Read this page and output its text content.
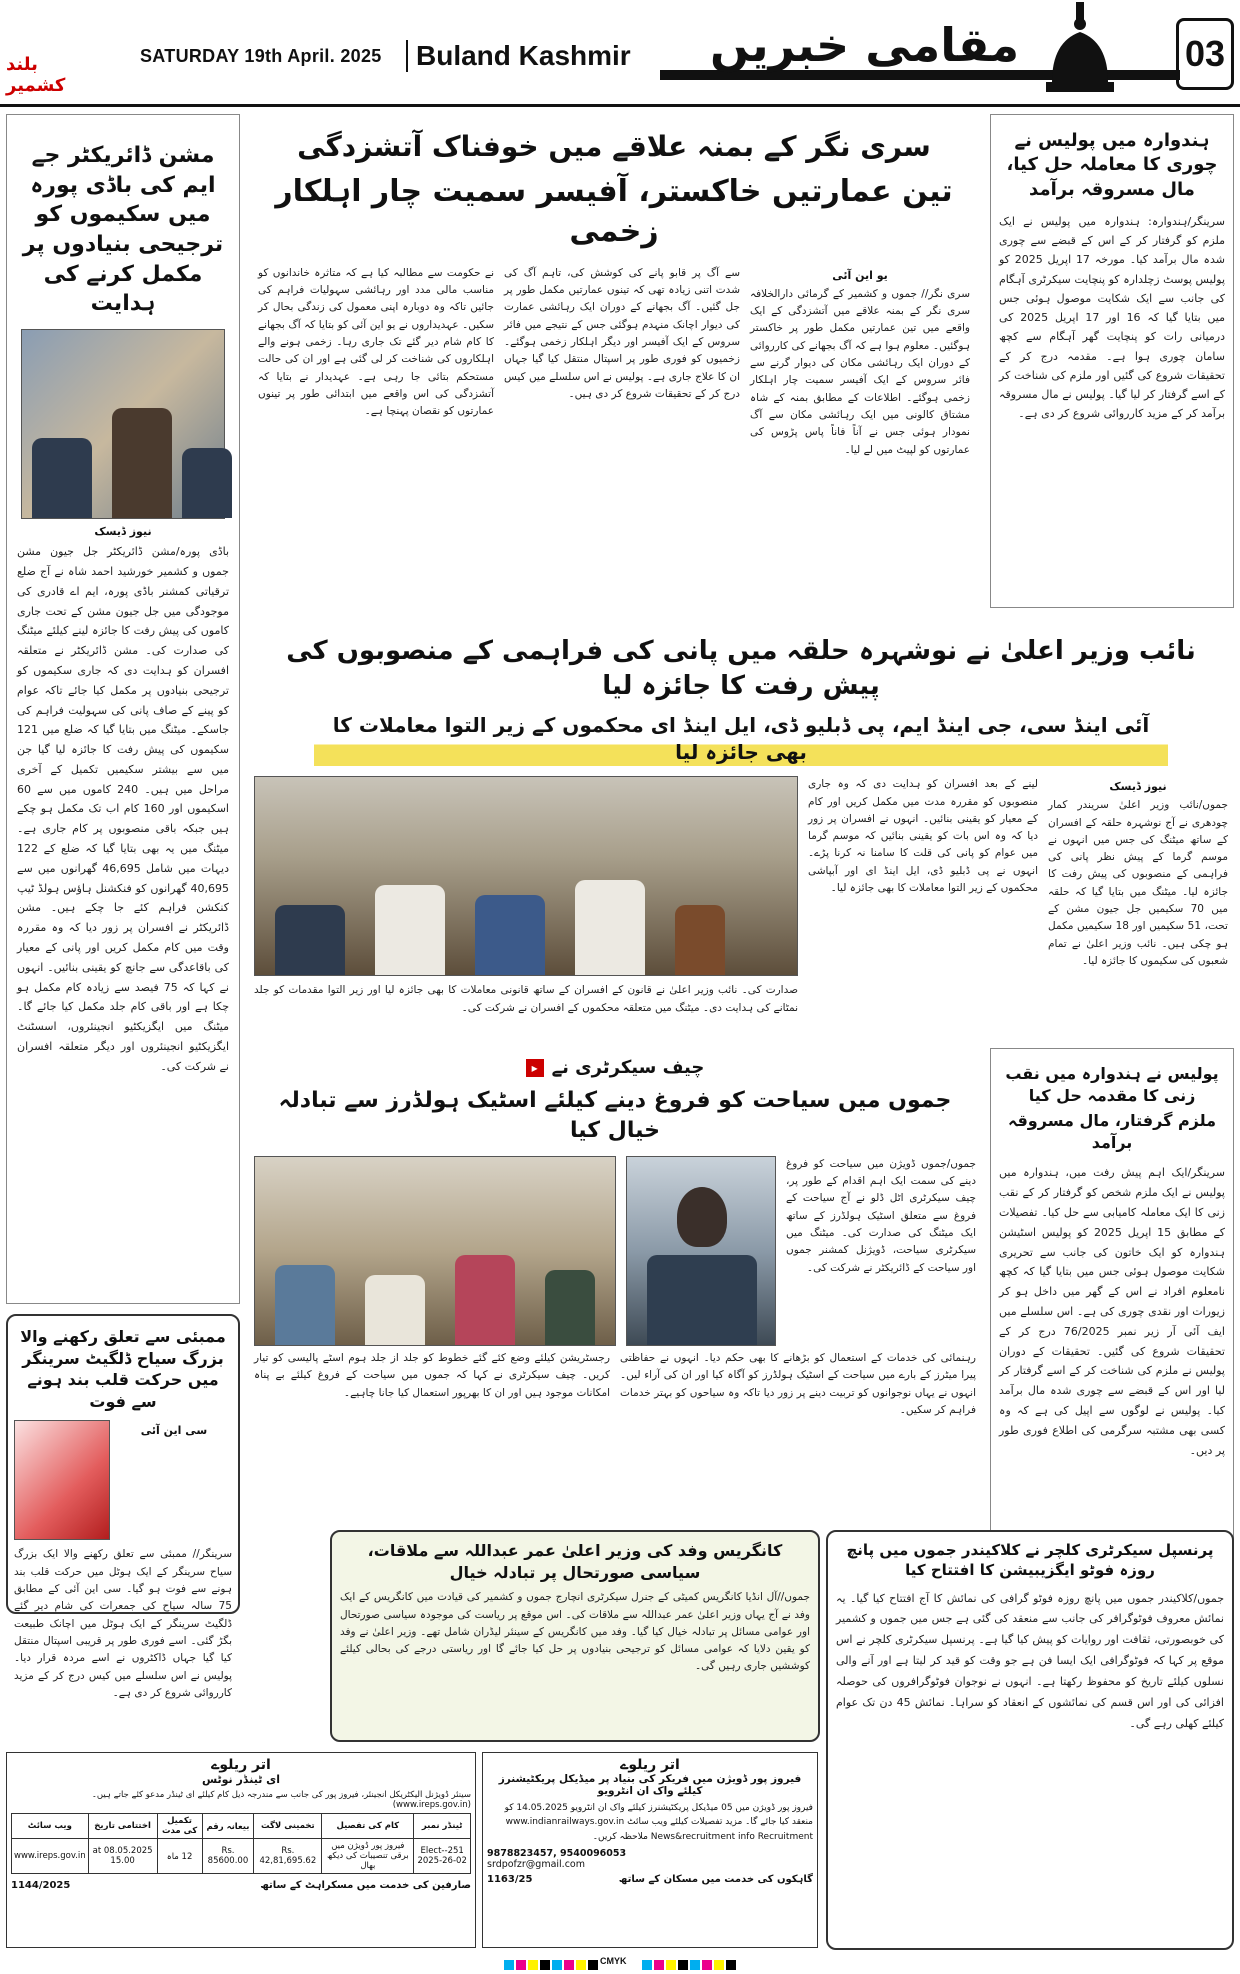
بلند کشمیر
SATURDAY 19th April. 2025 Buland Kashmir مقامی خبریں	03
مشن ڈائریکٹر جے ایم کی باڈی پورہ میں سکیموں کو ترجیحی بنیادوں پر مکمل کرنے کی ہدایت
نیوز ڈیسک
باڈی پورہ/مشن ڈائریکٹر جل جیون مشن جموں و کشمیر خورشید احمد شاہ نے آج ضلع ترقیاتی کمشنر باڈی پورہ، ایم اے قادری کی موجودگی میں جل جیون مشن کے تحت جاری کاموں کی پیش رفت کا جائزہ لینے کیلئے میٹنگ کی صدارت کی۔ مشن ڈائریکٹر نے متعلقہ افسران کو ہدایت دی کہ جاری سکیموں کو ترجیحی بنیادوں پر مکمل کیا جائے تاکہ عوام کو پینے کے صاف پانی کی سہولیت فراہم کی جاسکے۔ میٹنگ میں بتایا گیا کہ ضلع میں 121 سکیموں کی پیش رفت کا جائزہ لیا گیا جن میں سے بیشتر سکیمیں تکمیل کے آخری مراحل میں ہیں۔ 240 کاموں میں سے 60 اسکیموں اور 160 کام اب تک مکمل ہو چکے ہیں جبکہ باقی منصوبوں پر کام جاری ہے۔ میٹنگ میں یہ بھی بتایا گیا کہ ضلع کے 122 دیہات میں شامل 46,695 گھرانوں میں سے 40,695 گھرانوں کو فنکشنل ہاؤس ہولڈ ٹیپ کنکشن فراہم کئے جا چکے ہیں۔ مشن ڈائریکٹر نے افسران پر زور دیا کہ وہ مقررہ وقت میں کام مکمل کریں اور پانی کے معیار کی باقاعدگی سے جانچ کو یقینی بنائیں۔ انہوں نے کہا کہ 75 فیصد سے زیادہ کام مکمل ہو چکا ہے اور باقی کام جلد مکمل کیا جائے گا۔ میٹنگ میں ایگزیکٹیو انجینئروں، اسسٹنٹ ایگزیکٹیو انجینئروں اور دیگر متعلقہ افسران نے شرکت کی۔
ممبئی سے تعلق رکھنے والا بزرگ سیاح ڈلگیٹ سرینگر میں حرکت قلب بند ہونے سے فوت
سی این آئی
سرینگر// ممبئی سے تعلق رکھنے والا ایک بزرگ سیاح سرینگر کے ایک ہوٹل میں حرکت قلب بند ہونے سے فوت ہو گیا۔ سی این آئی کے مطابق 75 سالہ سیاح کی جمعرات کی شام دیر گئے ڈلگیٹ سرینگر کے ایک ہوٹل میں اچانک طبیعت بگڑ گئی۔ اسے فوری طور پر قریبی اسپتال منتقل کیا گیا جہاں ڈاکٹروں نے اسے مردہ قرار دیا۔ پولیس نے اس سلسلے میں کیس درج کر کے مزید کارروائی شروع کر دی ہے۔
سری نگر کے بمنہ علاقے میں خوفناک آتشزدگی
تین عمارتیں خاکستر، آفیسر سمیت چار اہلکار زخمی
یو این آئی
سری نگر// جموں و کشمیر کے گرمائی دارالخلافہ سری نگر کے بمنہ علاقے میں آتشزدگی کے ایک واقعے میں تین عمارتیں مکمل طور پر خاکستر ہوگئیں۔ معلوم ہوا ہے کہ آگ بجھانے کی کارروائی کے دوران ایک رہائشی مکان کی دیوار گرنے سے فائر سروس کے ایک آفیسر سمیت چار اہلکار زخمی ہوگئے۔ اطلاعات کے مطابق بمنہ کے شاہ مشتاق کالونی میں ایک رہائشی مکان سے آگ نمودار ہوئی جس نے آناً فاناً پاس پڑوس کی عمارتوں کو لپیٹ میں لے لیا۔
سے آگ پر قابو پانے کی کوشش کی، تاہم آگ کی شدت اتنی زیادہ تھی کہ تینوں عمارتیں مکمل طور پر جل گئیں۔ آگ بجھانے کے دوران ایک رہائشی عمارت کی دیوار اچانک منہدم ہوگئی جس کے نتیجے میں فائر سروس کے ایک آفیسر اور دیگر اہلکار زخمی ہوگئے۔ زخمیوں کو فوری طور پر اسپتال منتقل کیا گیا جہاں ان کا علاج جاری ہے۔ پولیس نے اس سلسلے میں کیس درج کر کے تحقیقات شروع کر دی ہیں۔
نے حکومت سے مطالبہ کیا ہے کہ متاثرہ خاندانوں کو مناسب مالی مدد اور رہائشی سہولیات فراہم کی جائیں تاکہ وہ دوبارہ اپنی معمول کی زندگی بحال کر سکیں۔ عہدیداروں نے یو این آئی کو بتایا کہ آگ بجھانے کا کام شام دیر گئے تک جاری رہا۔ زخمی ہونے والے اہلکاروں کی شناخت کر لی گئی ہے اور ان کی حالت مستحکم بتائی جا رہی ہے۔ عہدیدار نے بتایا کہ آتشزدگی کی اس واقعے میں ابتدائی طور پر تینوں عمارتوں کو نقصان پہنچا ہے۔
ہندوارہ میں پولیس نے چوری کا معاملہ حل کیا، مال مسروقہ برآمد
سرینگر/ہندوارہ: ہندوارہ میں پولیس نے ایک ملزم کو گرفتار کر کے اس کے قبضے سے چوری شدہ مال برآمد کیا۔ مورخہ 17 اپریل 2025 کو پولیس پوسٹ زچلدارہ کو پنچایت سیکرٹری آہگام کی جانب سے ایک شکایت موصول ہوئی جس میں بتایا گیا کہ 16 اور 17 اپریل 2025 کی درمیانی رات کو پنچایت گھر آہگام سے کچھ سامان چوری ہوا ہے۔ مقدمہ درج کر کے تحقیقات شروع کی گئیں اور ملزم کی شناخت کر کے اسے گرفتار کر لیا گیا۔ پولیس نے مال مسروقہ برآمد کر کے مزید کارروائی شروع کر دی ہے۔
نائب وزیر اعلیٰ نے نوشہرہ حلقہ میں پانی کی فراہمی کے منصوبوں کی پیش رفت کا جائزہ لیا
آئی اینڈ سی، جی اینڈ ایم، پی ڈبلیو ڈی، ایل اینڈ ای محکموں کے زیر التوا معاملات کا بھی جائزہ لیا
نیوز ڈیسک
جموں/نائب وزیر اعلیٰ سریندر کمار چودھری نے آج نوشہرہ حلقہ کے افسران کے ساتھ میٹنگ کی جس میں انہوں نے موسم گرما کے پیش نظر پانی کی فراہمی کے منصوبوں کی پیش رفت کا جائزہ لیا۔ میٹنگ میں بتایا گیا کہ حلقہ میں 70 سکیمیں جل جیون مشن کے تحت، 51 سکیمیں اور 18 سکیمیں مکمل ہو چکی ہیں۔ نائب وزیر اعلیٰ نے تمام شعبوں کی سکیموں کا جائزہ لیا۔
لینے کے بعد افسران کو ہدایت دی کہ وہ جاری منصوبوں کو مقررہ مدت میں مکمل کریں اور کام کے معیار کو یقینی بنائیں۔ انہوں نے افسران پر زور دیا کہ وہ اس بات کو یقینی بنائیں کہ موسم گرما میں عوام کو پانی کی قلت کا سامنا نہ کرنا پڑے۔ انہوں نے پی ڈبلیو ڈی، ایل اینڈ ای اور آبپاشی محکموں کے زیر التوا معاملات کا بھی جائزہ لیا۔
صدارت کی۔ نائب وزیر اعلیٰ نے قانون کے افسران کے ساتھ قانونی معاملات کا بھی جائزہ لیا اور زیر التوا مقدمات کو جلد نمٹانے کی ہدایت دی۔ میٹنگ میں متعلقہ محکموں کے افسران نے شرکت کی۔
پولیس نے ہندوارہ میں نقب زنی کا مقدمہ حل کیا
ملزم گرفتار، مال مسروقہ برآمد
سرینگر/ایک اہم پیش رفت میں، ہندوارہ میں پولیس نے ایک ملزم شخص کو گرفتار کر کے نقب زنی کا ایک معاملہ کامیابی سے حل کیا۔ تفصیلات کے مطابق 15 اپریل 2025 کو پولیس اسٹیشن ہندوارہ کو ایک خاتون کی جانب سے تحریری شکایت موصول ہوئی جس میں بتایا گیا کہ کچھ نامعلوم افراد نے اس کے گھر میں داخل ہو کر زیورات اور نقدی چوری کی ہے۔ اس سلسلے میں ایف آئی آر زیر نمبر 76/2025 درج کر کے تحقیقات شروع کی گئیں۔ تحقیقات کے دوران پولیس نے ملزم کی شناخت کر کے اسے گرفتار کر لیا اور اس کے قبضے سے چوری شدہ مال برآمد کیا۔ پولیس نے لوگوں سے اپیل کی ہے کہ وہ کسی بھی مشتبہ سرگرمی کی اطلاع فوری طور پر دیں۔
▸ چیف سیکرٹری نے
جموں میں سیاحت کو فروغ دینے کیلئے اسٹیک ہولڈرز سے تبادلہ خیال کیا
جموں/جموں ڈویژن میں سیاحت کو فروغ دینے کی سمت ایک اہم اقدام کے طور پر، چیف سیکرٹری اٹل ڈلو نے آج سیاحت کے فروغ سے متعلق اسٹیک ہولڈرز کے ساتھ ایک میٹنگ کی صدارت کی۔ میٹنگ میں سیکرٹری سیاحت، ڈویژنل کمشنر جموں اور سیاحت کے ڈائریکٹر نے شرکت کی۔
رہنمائی کی خدمات کے استعمال کو بڑھانے کا بھی حکم دیا۔ انہوں نے حفاظتی پیرا میٹرز کے بارے میں سیاحت کے اسٹیک ہولڈرز کو آگاہ کیا اور ان کی آراء لیں۔ انہوں نے یہاں نوجوانوں کو تربیت دینے پر زور دیا تاکہ وہ سیاحوں کو بہتر خدمات فراہم کر سکیں۔
رجسٹریشن کیلئے وضع کئے گئے خطوط کو جلد از جلد ہوم اسٹے پالیسی کو تیار کریں۔ چیف سیکرٹری نے کہا کہ جموں میں سیاحت کے فروغ کیلئے بے پناہ امکانات موجود ہیں اور ان کا بھرپور استعمال کیا جانا چاہیے۔
کانگریس وفد کی وزیر اعلیٰ عمر عبداللہ سے ملاقات، سیاسی صورتحال پر تبادلہ خیال
جموں//آل انڈیا کانگریس کمیٹی کے جنرل سیکرٹری انچارج جموں و کشمیر کی قیادت میں کانگریس کے ایک وفد نے آج یہاں وزیر اعلیٰ عمر عبداللہ سے ملاقات کی۔ اس موقع پر ریاست کی موجودہ سیاسی صورتحال اور عوامی مسائل پر تبادلہ خیال کیا گیا۔ وفد میں کانگریس کے سینئر لیڈران شامل تھے۔ وزیر اعلیٰ نے وفد کو یقین دلایا کہ عوامی مسائل کو ترجیحی بنیادوں پر حل کیا جائے گا اور ریاستی درجے کی بحالی کیلئے کوششیں جاری رہیں گی۔
پرنسپل سیکرٹری کلچر نے کلاکیندر جموں میں پانچ روزہ فوٹو ایگزیبیشن کا افتتاح کیا
جموں/کلاکیندر جموں میں پانچ روزہ فوٹو گرافی کی نمائش کا آج افتتاح کیا گیا۔ یہ نمائش معروف فوٹوگرافر کی جانب سے منعقد کی گئی ہے جس میں جموں و کشمیر کی خوبصورتی، ثقافت اور روایات کو پیش کیا گیا ہے۔ پرنسپل سیکرٹری کلچر نے اس موقع پر کہا کہ فوٹوگرافی ایک ایسا فن ہے جو وقت کو قید کر لیتا ہے اور آنے والی نسلوں کیلئے تاریخ کو محفوظ رکھتا ہے۔ انہوں نے نوجوان فوٹوگرافروں کی حوصلہ افزائی کی اور اس قسم کی نمائشوں کے انعقاد کو سراہا۔ نمائش 45 دن تک عوام کیلئے کھلی رہے گی۔
اتر ریلوے
ای ٹینڈر نوٹس
سینئر ڈویژنل الیکٹریکل انجینئر، فیروز پور کی جانب سے مندرجہ ذیل کام کیلئے ای ٹینڈر مدعو کئے جاتے ہیں۔ (www.ireps.gov.in)
ٹینڈر نمبر	کام کی تفصیل	تخمینی لاگت	بیعانہ رقم	تکمیل کی مدت	اختتامی تاریخ	ویب سائٹ
251-Elect-2025-26-02	فیروز پور ڈویژن میں برقی تنصیبات کی دیکھ بھال	Rs. 42,81,695.62	Rs. 85600.00	12 ماہ	08.05.2025 at 15.00	www.ireps.gov.in
صارفین کی خدمت میں مسکراہٹ کے ساتھ
1144/2025
اتر ریلوے
فیروز پور ڈویژن میں فریکر کی بنیاد پر میڈیکل پریکٹیشنرز کیلئے واک ان انٹرویو
فیروز پور ڈویژن میں 05 میڈیکل پریکٹیشنرز کیلئے واک ان انٹرویو 14.05.2025 کو منعقد کیا جائے گا۔ مزید تفصیلات کیلئے ویب سائٹ www.indianrailways.gov.in News&recruitment info Recruitment ملاحظہ کریں۔
9878823457, 9540096053
srdpofzr@gmail.com
گاہکوں کی خدمت میں مسکان کے ساتھ
1163/25
CMYK
